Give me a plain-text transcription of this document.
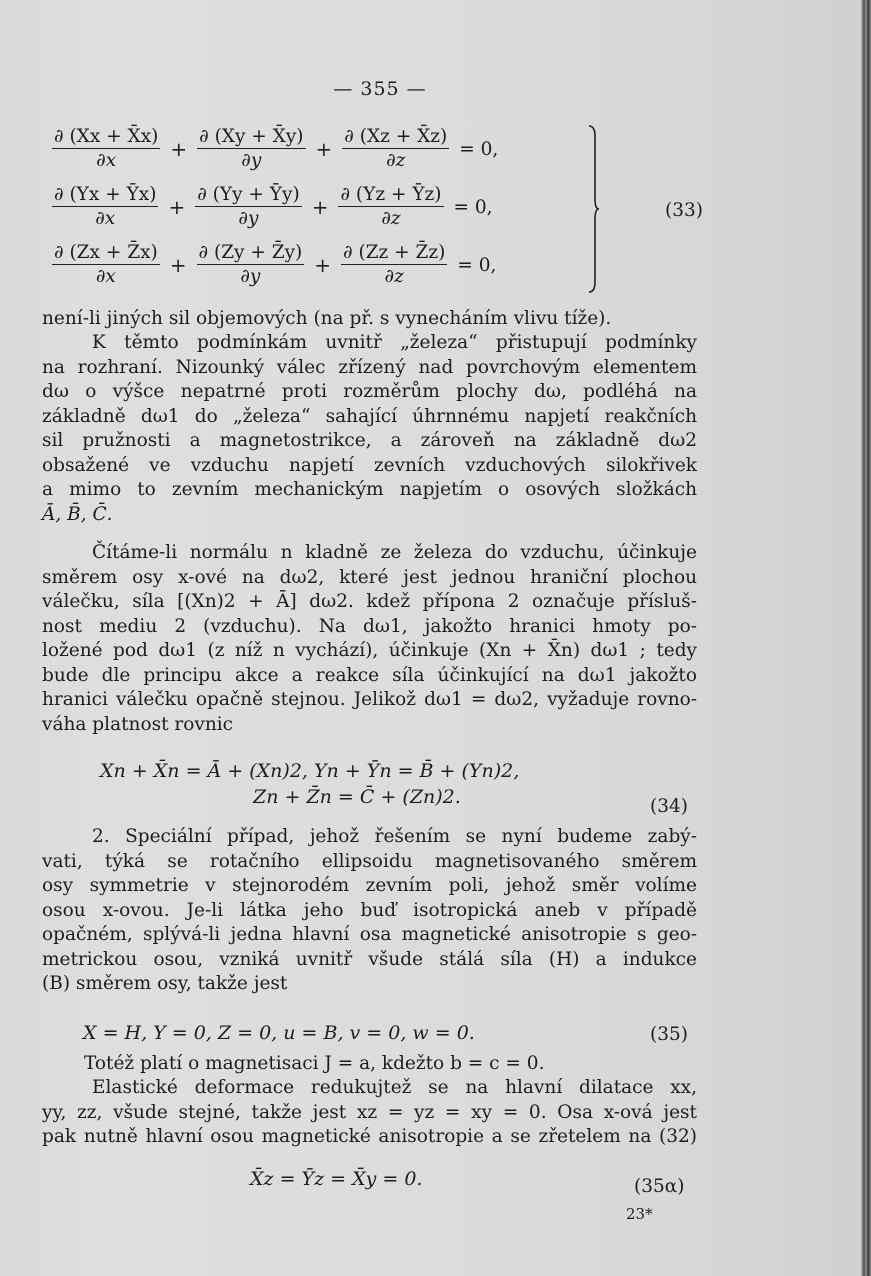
— 355 —
$\frac{\partial (Xx + X̄x)}{\partial x} + \frac{\partial (Xy + X̄y)}{\partial y} + \frac{\partial (Xz + X̄z)}{\partial z} = 0$,
$\frac{\partial (Yx + Ȳx)}{\partial x} + \frac{\partial (Yy + Ȳy)}{\partial y} + \frac{\partial (Yz + Ȳz)}{\partial z} = 0$,
$\frac{\partial (Zx + Z̄x)}{\partial x} + \frac{\partial (Zy + Z̄y)}{\partial y} + \frac{\partial (Zz + Z̄z)}{\partial z} = 0$,
(33)
není-li jiných sil objemových (na př. s vynecháním vlivu tíže).
K těmto podmínkám uvnitř „železa“ přistupují podmínky
na rozhraní. Nizounký válec zřízený nad povrchovým elementem
dω o výšce nepatrné proti rozměrům plochy dω, podléhá na
základně dω1 do „železa“ sahající úhrnnému napjetí reakčních
sil pružnosti a magnetostrikce, a zároveň na základně dω2
obsažené ve vzduchu napjetí zevních vzduchových silokřivek
a mimo to zevním mechanickým napjetím o osových složkách
Ā, B̄, C̄.
Čítáme-li normálu n kladně ze železa do vzduchu, účinkuje
směrem osy x-ové na dω2, které jest jednou hraniční plochou
válečku, síla [(Xn)2 + Ā] dω2. kdež přípona 2 označuje přísluš-
nost mediu 2 (vzduchu). Na dω1, jakožto hranici hmoty po-
ložené pod dω1 (z níž n vychází), účinkuje (Xn + X̄n) dω1 ; tedy
bude dle principu akce a reakce síla účinkující na dω1 jakožto
hranici válečku opačně stejnou. Jelikož dω1 = dω2, vyžaduje rovno-
váha platnost rovnic
Xn + X̄n = Ā + (Xn)2, Yn + Ȳn = B̄ + (Yn)2,
Zn + Z̄n = C̄ + (Zn)2.	(34)
2. Speciální případ, jehož řešením se nyní budeme zabý-
vati, týká se rotačního ellipsoidu magnetisovaného směrem
osy symmetrie v stejnorodém zevním poli, jehož směr volíme
osou x-ovou. Je-li látka jeho buď isotropická aneb v případě
opačném, splývá-li jedna hlavní osa magnetické anisotropie s geo-
metrickou osou, vzniká uvnitř všude stálá síla (H) a indukce
(B) směrem osy, takže jest
X = H, Y = 0, Z = 0, u = B, v = 0, w = 0.	(35)
Totéž platí o magnetisaci J = a, kdežto b = c = 0.
Elastické deformace redukujtež se na hlavní dilatace xx,
yy, zz, všude stejné, takže jest xz = yz = xy = 0. Osa x-ová jest
pak nutně hlavní osou magnetické anisotropie a se zřetelem na (32)
X̄z = Ȳz = X̄y = 0.	(35α)
23*
